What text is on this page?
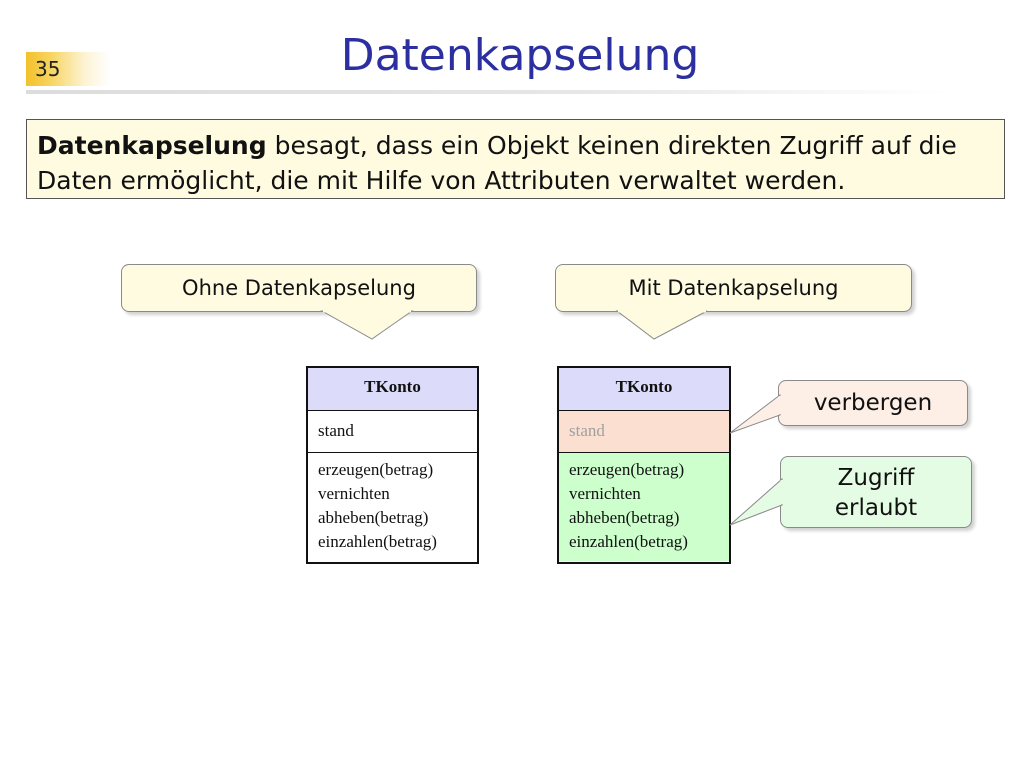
35	Datenkapselung
Datenkapselung besagt, dass ein Objekt keinen direkten Zugriff auf die Daten ermöglicht, die mit Hilfe von Attributen verwaltet werden.
Ohne Datenkapselung	Mit Datenkapselung
TKonto
stand
erzeugen(betrag)
vernichten
abheben(betrag)
einzahlen(betrag)
TKonto
stand
erzeugen(betrag)
vernichten
abheben(betrag)
einzahlen(betrag)
verbergen
Zugriff
erlaubt
